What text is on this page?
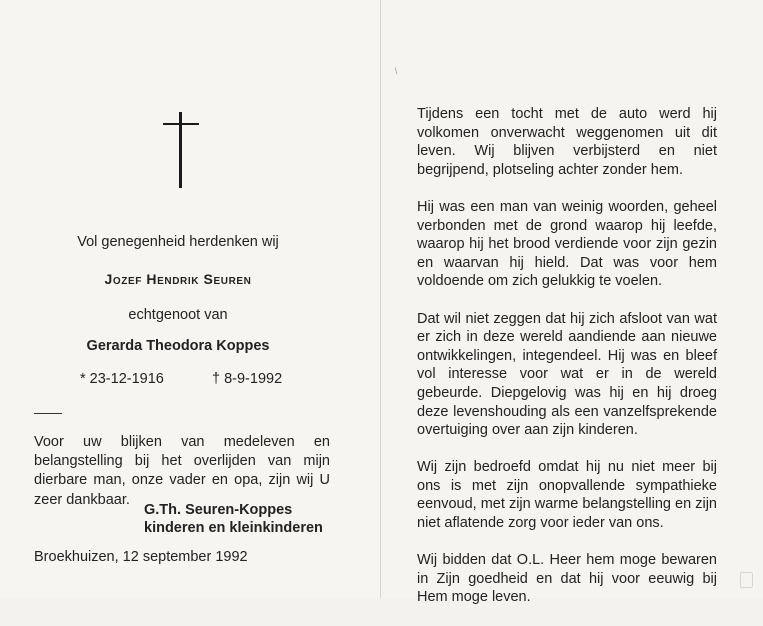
Vol genegenheid herdenken wij
Jozef Hendrik Seuren
echtgenoot van
Gerarda Theodora Koppes
* 23-12-1916	† 8-9-1992
Voor uw blijken van medeleven en belangstelling bij het overlijden van mijn dierbare man, onze vader en opa, zijn wij U zeer dankbaar.
G.Th. Seuren-Koppes
kinderen en kleinkinderen
Broekhuizen, 12 september 1992
/

Tijdens een tocht met de auto werd hij volkomen onverwacht weggenomen uit dit leven. Wij blijven verbijsterd en niet begrijpend, plotseling achter zonder hem.

Hij was een man van weinig woorden, geheel verbonden met de grond waarop hij leefde, waarop hij het brood verdiende voor zijn gezin en waarvan hij hield. Dat was voor hem voldoende om zich gelukkig te voelen.

Dat wil niet zeggen dat hij zich afsloot van wat er zich in deze wereld aandiende aan nieuwe ontwikkelingen, integendeel. Hij was en bleef vol interesse voor wat er in de wereld gebeurde. Diepgelovig was hij en hij droeg deze levenshouding als een vanzelfsprekende overtuiging over aan zijn kinderen.

Wij zijn bedroefd omdat hij nu niet meer bij ons is met zijn onopvallende sympathieke eenvoud, met zijn warme belangstelling en zijn niet aflatende zorg voor ieder van ons.

Wij bidden dat O.L. Heer hem moge bewaren in Zijn goedheid en dat hij voor eeuwig bij Hem moge leven.
